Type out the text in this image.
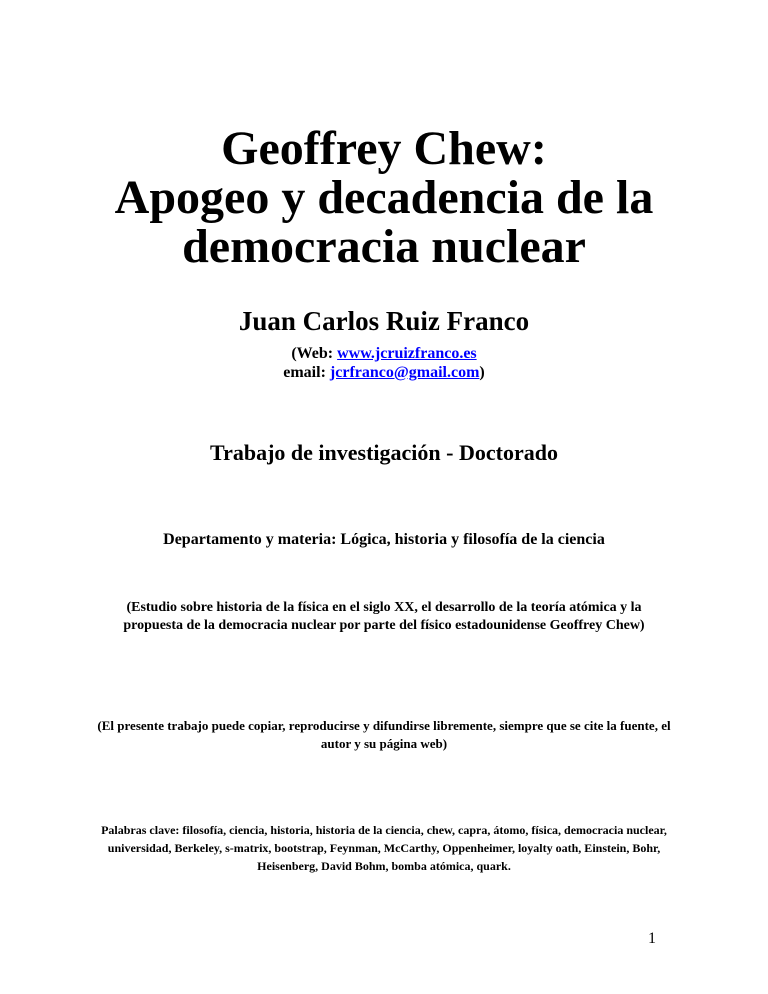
Geoffrey Chew:
Apogeo y decadencia de la
democracia nuclear
Juan Carlos Ruiz Franco
(Web: www.jcruizfranco.es
email: jcrfranco@gmail.com)
Trabajo de investigación - Doctorado
Departamento y materia: Lógica, historia y filosofía de la ciencia
(Estudio sobre historia de la física en el siglo XX, el desarrollo de la teoría atómica y la propuesta de la democracia nuclear por parte del físico estadounidense Geoffrey Chew)
(El presente trabajo puede copiar, reproducirse y difundirse libremente, siempre que se cite la fuente, el autor y su página web)
Palabras clave: filosofía, ciencia, historia, historia de la ciencia, chew, capra, átomo, física, democracia nuclear, universidad, Berkeley, s-matrix, bootstrap, Feynman, McCarthy, Oppenheimer, loyalty oath, Einstein, Bohr, Heisenberg, David Bohm, bomba atómica, quark.
1
